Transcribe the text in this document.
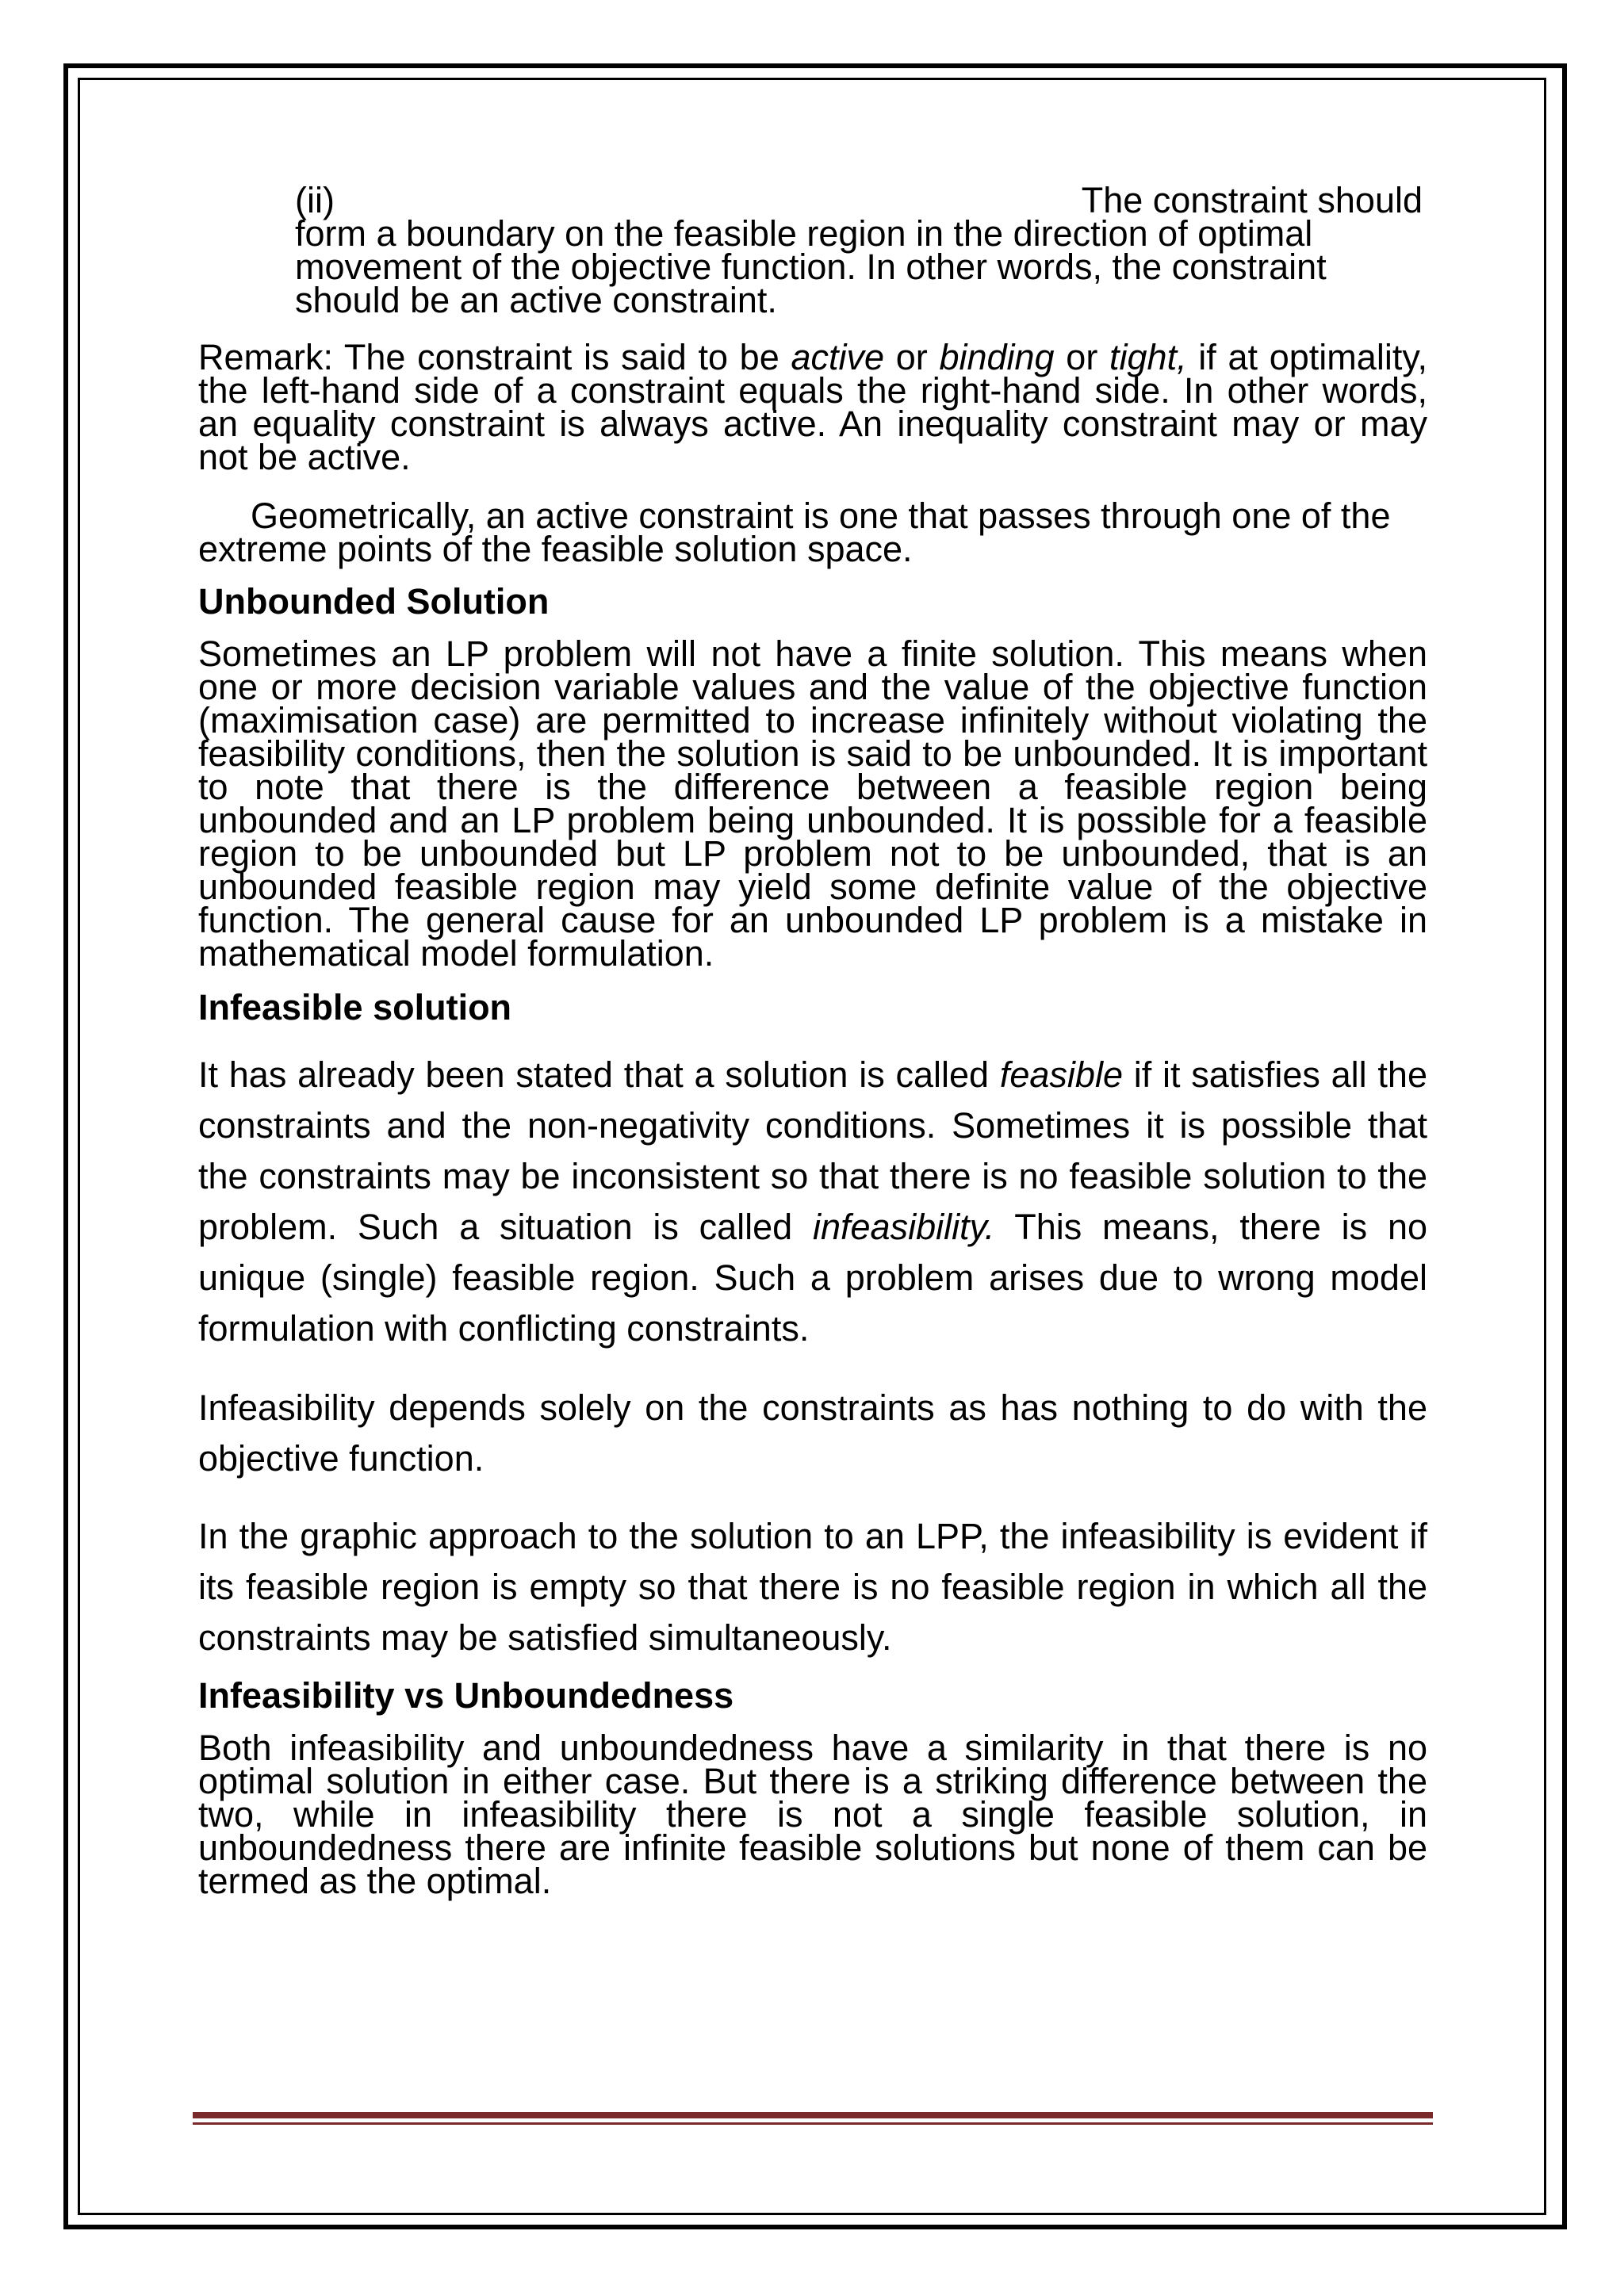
(ii)	The constraint should

form a boundary on the feasible region in the direction of optimal movement of the objective function. In other words, the constraint should be an active constraint.

Remark: The constraint is said to be active or binding or tight, if at optimality, the left-hand side of a constraint equals the right-hand side. In other words, an equality constraint is always active. An inequality constraint may or may not be active.

Geometrically, an active constraint is one that passes through one of the extreme points of the feasible solution space.

Unbounded Solution

Sometimes an LP problem will not have a finite solution. This means when one or more decision variable values and the value of the objective function (maximisation case) are permitted to increase infinitely without violating the feasibility conditions, then the solution is said to be unbounded. It is important to note that there is the difference between a feasible region being unbounded and an LP problem being unbounded. It is possible for a feasible region to be unbounded but LP problem not to be unbounded, that is an unbounded feasible region may yield some definite value of the objective function. The general cause for an unbounded LP problem is a mistake in mathematical model formulation.

Infeasible solution

It has already been stated that a solution is called feasible if it satisfies all the constraints and the non-negativity conditions. Sometimes it is possible that the constraints may be inconsistent so that there is no feasible solution to the problem. Such a situation is called infeasibility. This means, there is no unique (single) feasible region. Such a problem arises due to wrong model formulation with conflicting constraints.

Infeasibility depends solely on the constraints as has nothing to do with the objective function.

In the graphic approach to the solution to an LPP, the infeasibility is evident if its feasible region is empty so that there is no feasible region in which all the constraints may be satisfied simultaneously.

Infeasibility vs Unboundedness

Both infeasibility and unboundedness have a similarity in that there is no optimal solution in either case. But there is a striking difference between the two, while in infeasibility there is not a single feasible solution, in unboundedness there are infinite feasible solutions but none of them can be termed as the optimal.
